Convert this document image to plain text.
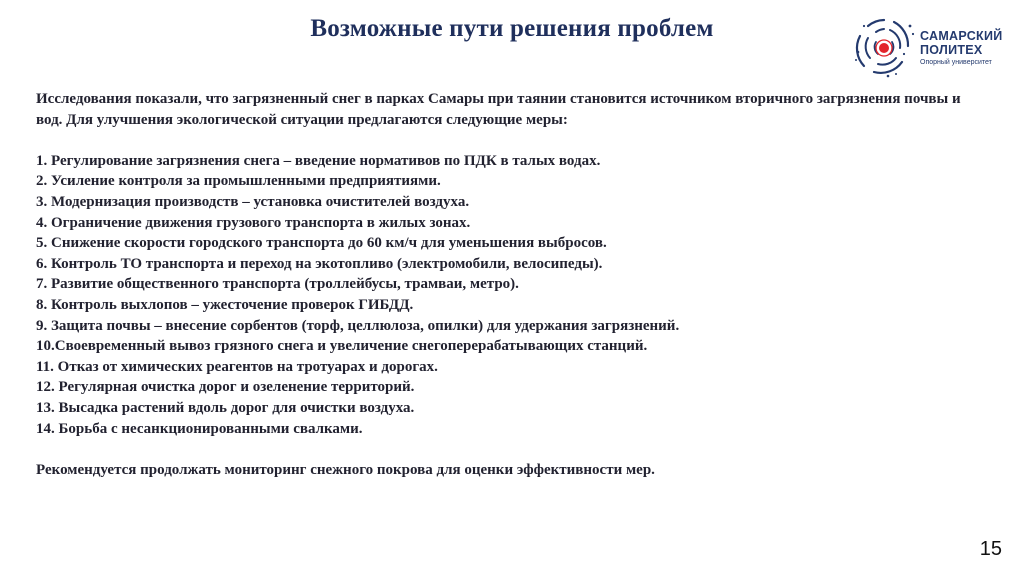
Возможные пути решения проблем	САМАРСКИЙ
ПОЛИТЕХ
Опорный университет

Исследования показали, что загрязненный снег в парках Самары при таянии становится источником вторичного загрязнения почвы и вод. Для улучшения экологической ситуации предлагаются следующие меры:

1. Регулирование загрязнения снега – введение нормативов по ПДК в талых водах.
2. Усиление контроля за промышленными предприятиями.
3. Модернизация производств – установка очистителей воздуха.
4. Ограничение движения грузового транспорта в жилых зонах.
5. Снижение скорости городского транспорта до 60 км/ч для уменьшения выбросов.
6. Контроль ТО транспорта и переход на экотопливо (электромобили, велосипеды).
7. Развитие общественного транспорта (троллейбусы, трамваи, метро).
8. Контроль выхлопов – ужесточение проверок ГИБДД.
9. Защита почвы – внесение сорбентов (торф, целлюлоза, опилки) для удержания загрязнений.
10.Своевременный вывоз грязного снега и увеличение снегоперерабатывающих станций.
11. Отказ от химических реагентов на тротуарах и дорогах.
12. Регулярная очистка дорог и озеленение территорий.
13. Высадка растений вдоль дорог для очистки воздуха.
14. Борьба с несанкционированными свалками.

Рекомендуется продолжать мониторинг снежного покрова для оценки эффективности мер.

15
